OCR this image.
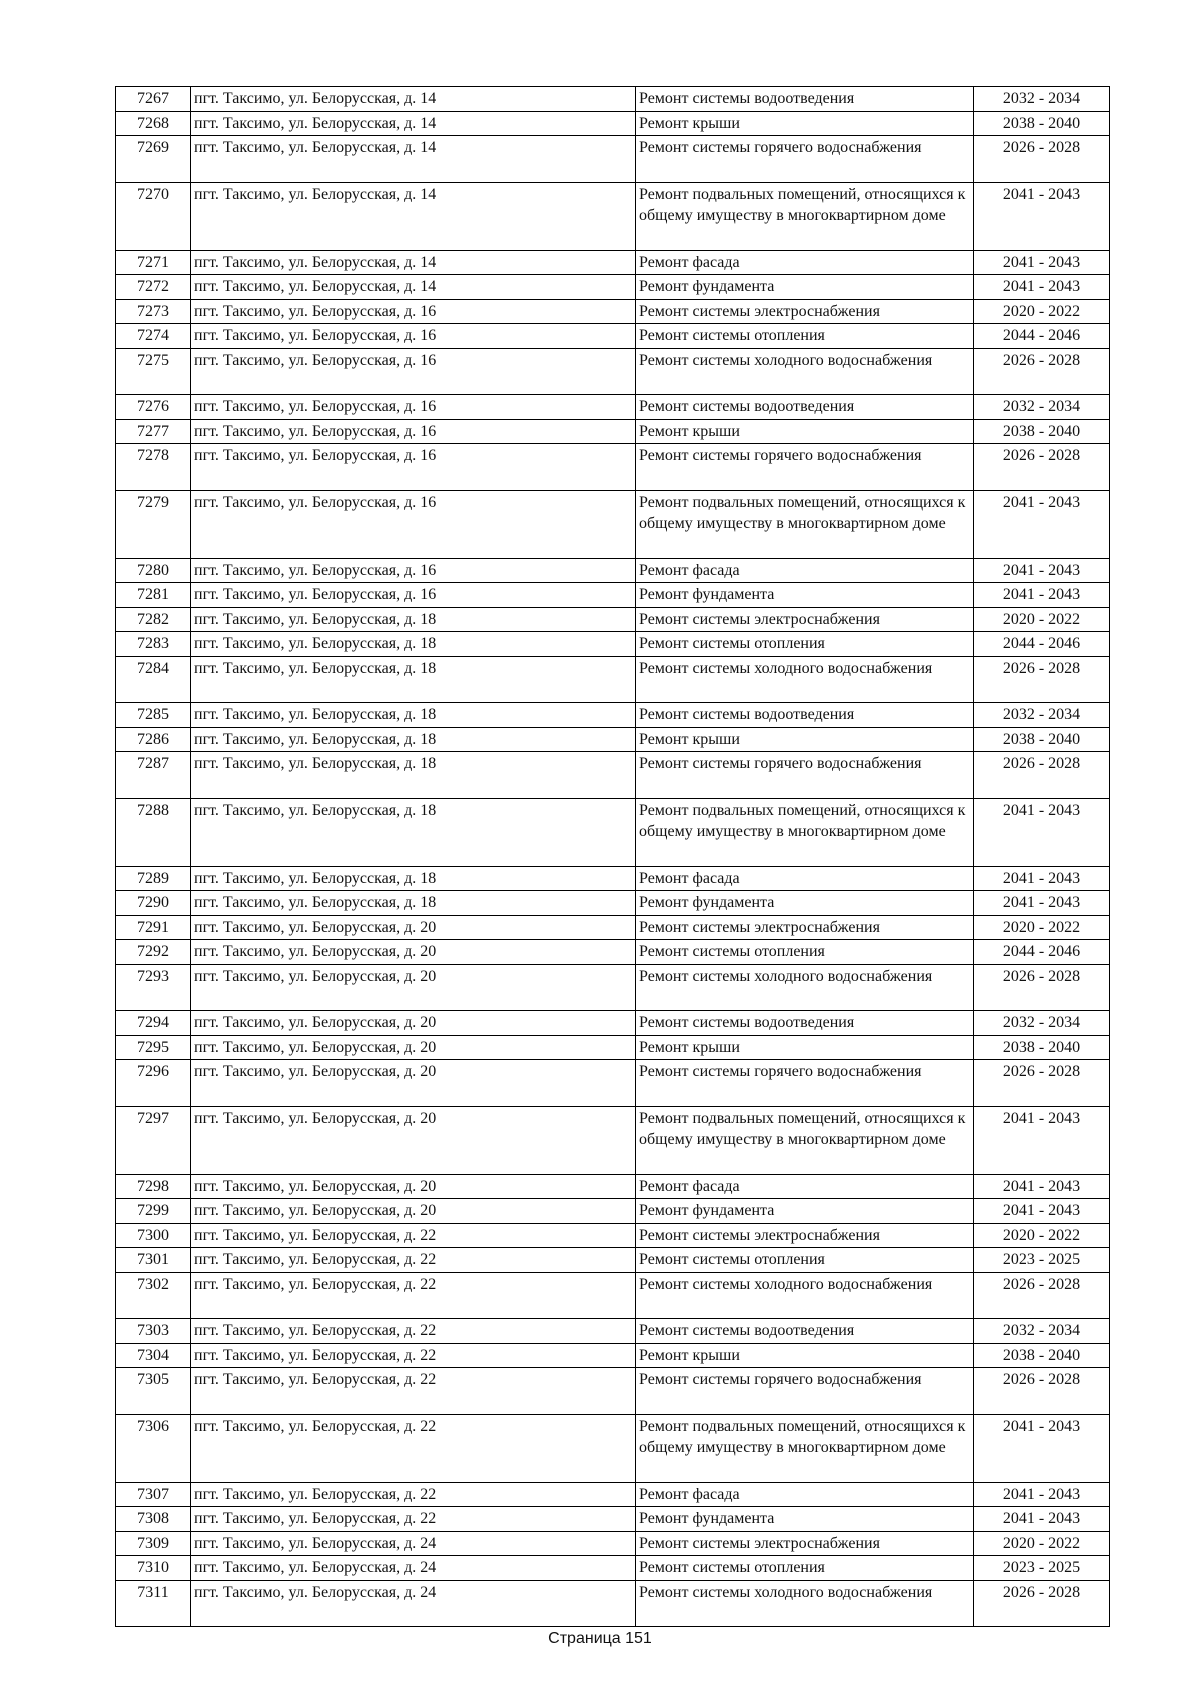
7267	пгт. Таксимо, ул. Белорусская, д. 14	Ремонт системы водоотведения	2032 - 2034
7268	пгт. Таксимо, ул. Белорусская, д. 14	Ремонт крыши	2038 - 2040
7269	пгт. Таксимо, ул. Белорусская, д. 14	Ремонт системы горячего водоснабжения	2026 - 2028
7270	пгт. Таксимо, ул. Белорусская, д. 14	Ремонт подвальных помещений, относящихся к общему имуществу в многоквартирном доме	2041 - 2043
7271	пгт. Таксимо, ул. Белорусская, д. 14	Ремонт фасада	2041 - 2043
7272	пгт. Таксимо, ул. Белорусская, д. 14	Ремонт фундамента	2041 - 2043
7273	пгт. Таксимо, ул. Белорусская, д. 16	Ремонт системы электроснабжения	2020 - 2022
7274	пгт. Таксимо, ул. Белорусская, д. 16	Ремонт системы отопления	2044 - 2046
7275	пгт. Таксимо, ул. Белорусская, д. 16	Ремонт системы холодного водоснабжения	2026 - 2028
7276	пгт. Таксимо, ул. Белорусская, д. 16	Ремонт системы водоотведения	2032 - 2034
7277	пгт. Таксимо, ул. Белорусская, д. 16	Ремонт крыши	2038 - 2040
7278	пгт. Таксимо, ул. Белорусская, д. 16	Ремонт системы горячего водоснабжения	2026 - 2028
7279	пгт. Таксимо, ул. Белорусская, д. 16	Ремонт подвальных помещений, относящихся к общему имуществу в многоквартирном доме	2041 - 2043
7280	пгт. Таксимо, ул. Белорусская, д. 16	Ремонт фасада	2041 - 2043
7281	пгт. Таксимо, ул. Белорусская, д. 16	Ремонт фундамента	2041 - 2043
7282	пгт. Таксимо, ул. Белорусская, д. 18	Ремонт системы электроснабжения	2020 - 2022
7283	пгт. Таксимо, ул. Белорусская, д. 18	Ремонт системы отопления	2044 - 2046
7284	пгт. Таксимо, ул. Белорусская, д. 18	Ремонт системы холодного водоснабжения	2026 - 2028
7285	пгт. Таксимо, ул. Белорусская, д. 18	Ремонт системы водоотведения	2032 - 2034
7286	пгт. Таксимо, ул. Белорусская, д. 18	Ремонт крыши	2038 - 2040
7287	пгт. Таксимо, ул. Белорусская, д. 18	Ремонт системы горячего водоснабжения	2026 - 2028
7288	пгт. Таксимо, ул. Белорусская, д. 18	Ремонт подвальных помещений, относящихся к общему имуществу в многоквартирном доме	2041 - 2043
7289	пгт. Таксимо, ул. Белорусская, д. 18	Ремонт фасада	2041 - 2043
7290	пгт. Таксимо, ул. Белорусская, д. 18	Ремонт фундамента	2041 - 2043
7291	пгт. Таксимо, ул. Белорусская, д. 20	Ремонт системы электроснабжения	2020 - 2022
7292	пгт. Таксимо, ул. Белорусская, д. 20	Ремонт системы отопления	2044 - 2046
7293	пгт. Таксимо, ул. Белорусская, д. 20	Ремонт системы холодного водоснабжения	2026 - 2028
7294	пгт. Таксимо, ул. Белорусская, д. 20	Ремонт системы водоотведения	2032 - 2034
7295	пгт. Таксимо, ул. Белорусская, д. 20	Ремонт крыши	2038 - 2040
7296	пгт. Таксимо, ул. Белорусская, д. 20	Ремонт системы горячего водоснабжения	2026 - 2028
7297	пгт. Таксимо, ул. Белорусская, д. 20	Ремонт подвальных помещений, относящихся к общему имуществу в многоквартирном доме	2041 - 2043
7298	пгт. Таксимо, ул. Белорусская, д. 20	Ремонт фасада	2041 - 2043
7299	пгт. Таксимо, ул. Белорусская, д. 20	Ремонт фундамента	2041 - 2043
7300	пгт. Таксимо, ул. Белорусская, д. 22	Ремонт системы электроснабжения	2020 - 2022
7301	пгт. Таксимо, ул. Белорусская, д. 22	Ремонт системы отопления	2023 - 2025
7302	пгт. Таксимо, ул. Белорусская, д. 22	Ремонт системы холодного водоснабжения	2026 - 2028
7303	пгт. Таксимо, ул. Белорусская, д. 22	Ремонт системы водоотведения	2032 - 2034
7304	пгт. Таксимо, ул. Белорусская, д. 22	Ремонт крыши	2038 - 2040
7305	пгт. Таксимо, ул. Белорусская, д. 22	Ремонт системы горячего водоснабжения	2026 - 2028
7306	пгт. Таксимо, ул. Белорусская, д. 22	Ремонт подвальных помещений, относящихся к общему имуществу в многоквартирном доме	2041 - 2043
7307	пгт. Таксимо, ул. Белорусская, д. 22	Ремонт фасада	2041 - 2043
7308	пгт. Таксимо, ул. Белорусская, д. 22	Ремонт фундамента	2041 - 2043
7309	пгт. Таксимо, ул. Белорусская, д. 24	Ремонт системы электроснабжения	2020 - 2022
7310	пгт. Таксимо, ул. Белорусская, д. 24	Ремонт системы отопления	2023 - 2025
7311	пгт. Таксимо, ул. Белорусская, д. 24	Ремонт системы холодного водоснабжения	2026 - 2028
Страница 151
